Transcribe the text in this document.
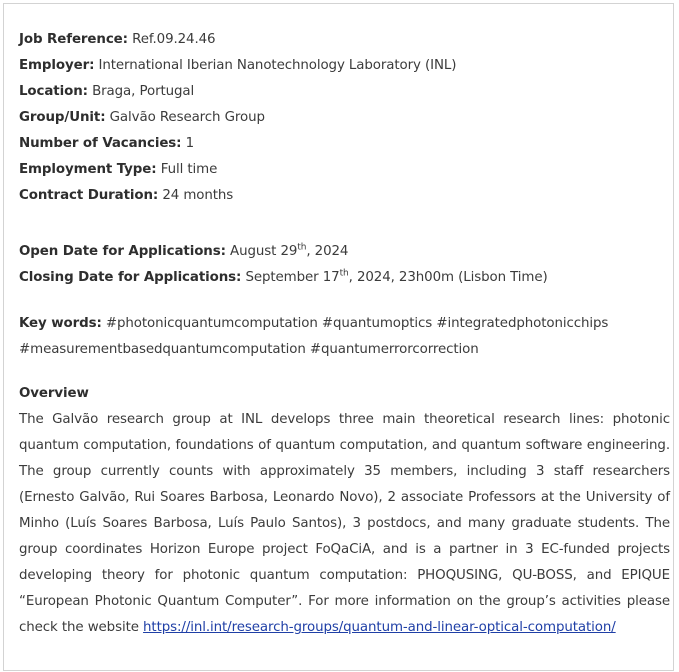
Job Reference: Ref.09.24.46
Employer: International Iberian Nanotechnology Laboratory (INL)
Location: Braga, Portugal
Group/Unit: Galvão Research Group
Number of Vacancies: 1
Employment Type: Full time
Contract Duration: 24 months
Open Date for Applications: August 29th, 2024
Closing Date for Applications: September 17th, 2024, 23h00m (Lisbon Time)
Key words: #photonicquantumcomputation #quantumoptics #integratedphotonicchips
#measurementbasedquantumcomputation #quantumerrorcorrection
Overview
The Galvão research group at INL develops three main theoretical research lines: photonic quantum computation, foundations of quantum computation, and quantum software engineering. The group currently counts with approximately 35 members, including 3 staff researchers (Ernesto Galvão, Rui Soares Barbosa, Leonardo Novo), 2 associate Professors at the University of Minho (Luís Soares Barbosa, Luís Paulo Santos), 3 postdocs, and many graduate students. The group coordinates Horizon Europe project FoQaCiA, and is a partner in 3 EC-funded projects developing theory for photonic quantum computation: PHOQUSING, QU-BOSS, and EPIQUE “European Photonic Quantum Computer”. For more information on the group’s activities please check the website https://inl.int/research-groups/quantum-and-linear-optical-computation/
